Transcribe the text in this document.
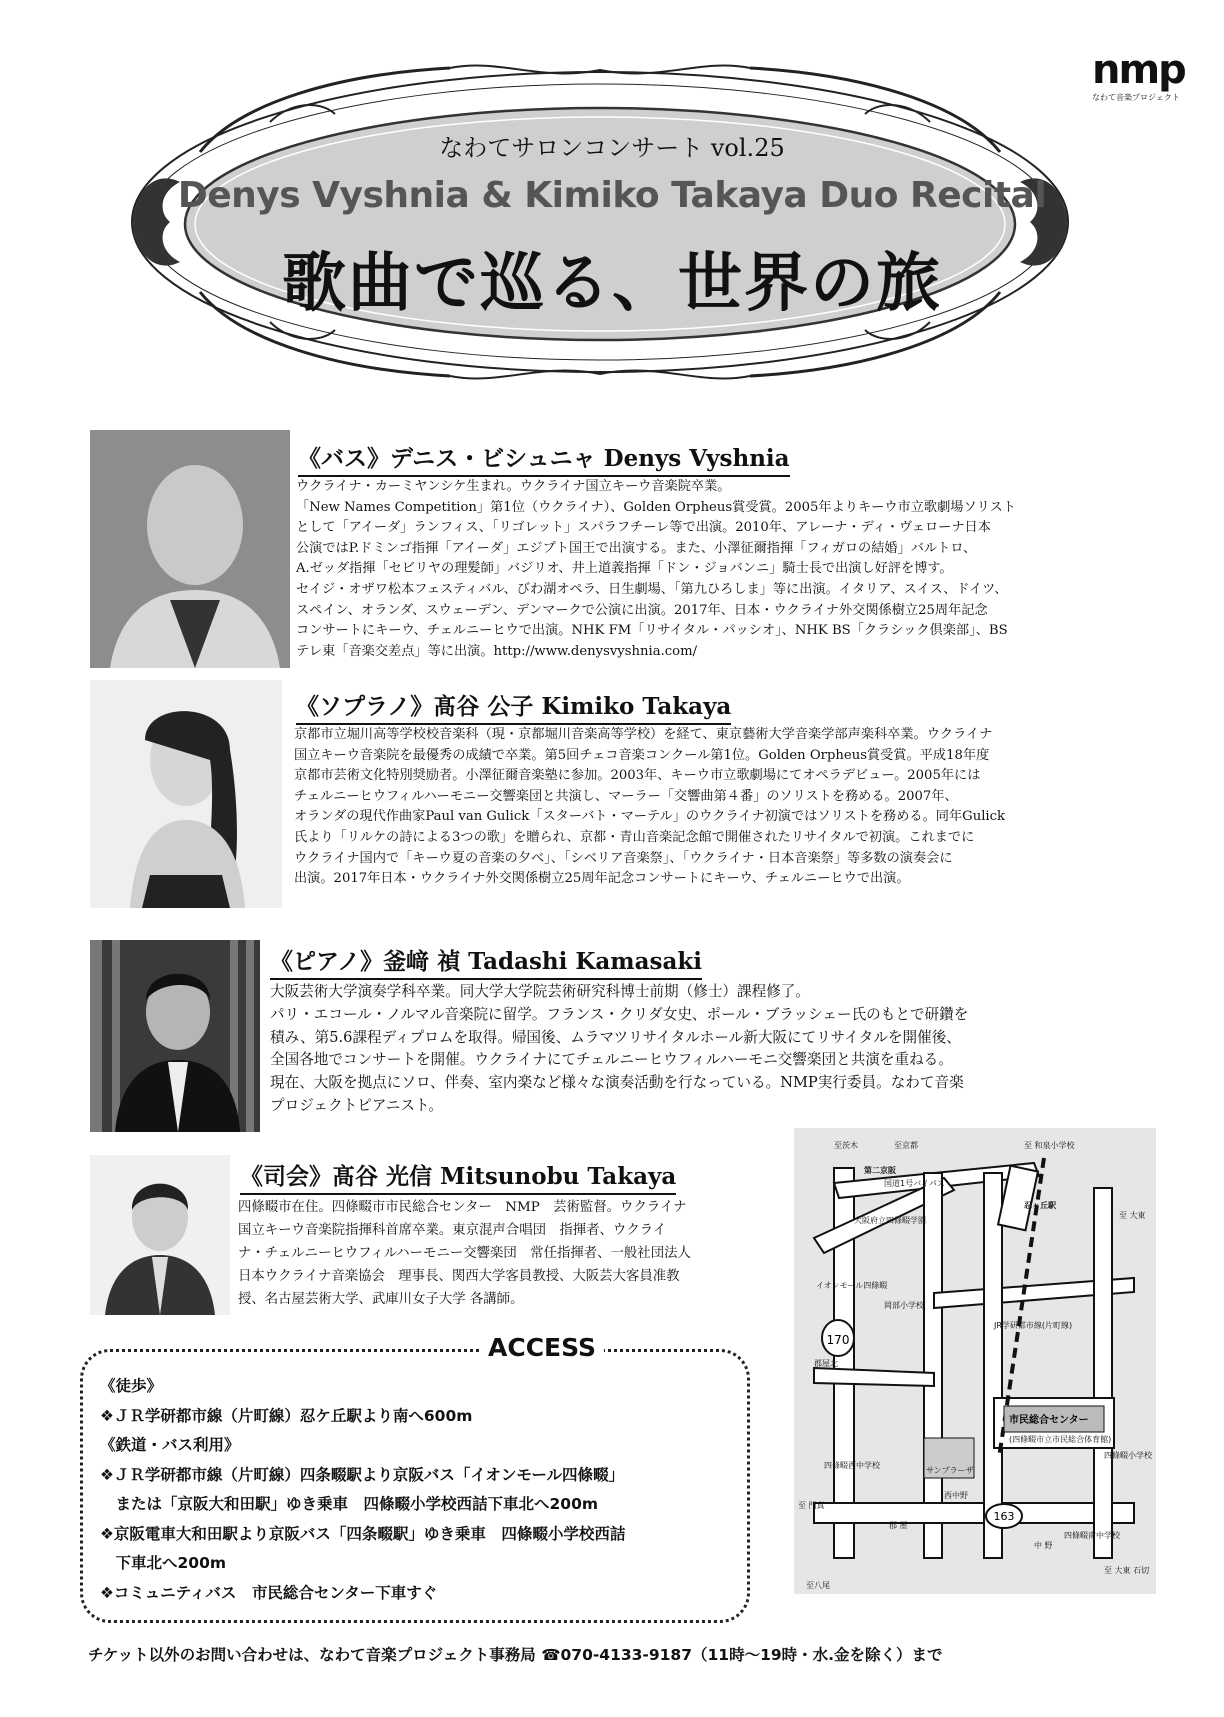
nmp
なわて音楽プロジェクト
なわてサロンコンサート vol.25
Denys Vyshnia & Kimiko Takaya Duo Recital
歌曲で巡る、世界の旅
《バス》デニス・ビシュニャ Denys Vyshnia
ウクライナ・カーミヤンシケ生まれ。ウクライナ国立キーウ音楽院卒業。
「New Names Competition」第1位（ウクライナ）、Golden Orpheus賞受賞。2005年よりキーウ市立歌劇場ソリスト
として「アイーダ」ランフィス、「リゴレット」スパラフチーレ等で出演。2010年、アレーナ・ディ・ヴェローナ日本
公演ではP.ドミンゴ指揮「アイーダ」エジプト国王で出演する。また、小澤征爾指揮「フィガロの結婚」バルトロ、
A.ゼッダ指揮「セビリヤの理髪師」バジリオ、井上道義指揮「ドン・ジョバンニ」騎士長で出演し好評を博す。
セイジ・オザワ松本フェスティバル、びわ湖オペラ、日生劇場、「第九ひろしま」等に出演。イタリア、スイス、ドイツ、
スペイン、オランダ、スウェーデン、デンマークで公演に出演。2017年、日本・ウクライナ外交関係樹立25周年記念
コンサートにキーウ、チェルニーヒウで出演。NHK FM「リサイタル・パッシオ」、NHK BS「クラシック倶楽部」、BS
テレ東「音楽交差点」等に出演。http://www.denysvyshnia.com/
《ソプラノ》髙谷 公子 Kimiko Takaya
京都市立堀川高等学校校音楽科（現・京都堀川音楽高等学校）を経て、東京藝術大学音楽学部声楽科卒業。ウクライナ
国立キーウ音楽院を最優秀の成績で卒業。第5回チェコ音楽コンクール第1位。Golden Orpheus賞受賞。平成18年度
京都市芸術文化特別奨励者。小澤征爾音楽塾に参加。2003年、キーウ市立歌劇場にてオペラデビュー。2005年には
チェルニーヒウフィルハーモニー交響楽団と共演し、マーラー「交響曲第４番」のソリストを務める。2007年、
オランダの現代作曲家Paul van Gulick「スターバト・マーテル」のウクライナ初演ではソリストを務める。同年Gulick
氏より「リルケの詩による3つの歌」を贈られ、京都・青山音楽記念館で開催されたリサイタルで初演。これまでに
ウクライナ国内で「キーウ夏の音楽の夕べ」、「シベリア音楽祭」、「ウクライナ・日本音楽祭」等多数の演奏会に
出演。2017年日本・ウクライナ外交関係樹立25周年記念コンサートにキーウ、チェルニーヒウで出演。
《ピアノ》釜﨑 禎 Tadashi Kamasaki
大阪芸術大学演奏学科卒業。同大学大学院芸術研究科博士前期（修士）課程修了。
パリ・エコール・ノルマル音楽院に留学。フランス・クリダ女史、ポール・ブラッシェー氏のもとで研鑽を
積み、第5.6課程ディプロムを取得。帰国後、ムラマツリサイタルホール新大阪にてリサイタルを開催後、
全国各地でコンサートを開催。ウクライナにてチェルニーヒウフィルハーモニ交響楽団と共演を重ねる。
現在、大阪を拠点にソロ、伴奏、室内楽など様々な演奏活動を行なっている。NMP実行委員。なわて音楽
プロジェクトピアニスト。
《司会》髙谷 光信 Mitsunobu Takaya
四條畷市在住。四條畷市市民総合センター　NMP　芸術監督。ウクライナ
国立キーウ音楽院指揮科首席卒業。東京混声合唱団　指揮者、ウクライ
ナ・チェルニーヒウフィルハーモニー交響楽団　常任指揮者、一般社団法人
日本ウクライナ音楽協会　理事長、関西大学客員教授、大阪芸大客員准教
授、名古屋芸術大学、武庫川女子大学 各講師。
ACCESS
《徒歩》
❖ＪＲ学研都市線（片町線）忍ケ丘駅より南へ600m
《鉄道・バス利用》
❖ＪＲ学研都市線（片町線）四条畷駅より京阪バス「イオンモール四條畷」
　または「京阪大和田駅」ゆき乗車　四條畷小学校西詰下車北へ200m
❖京阪電車大和田駅より京阪バス「四条畷駅」ゆき乗車　四條畷小学校西詰
　下車北へ200m
❖コミュニティバス　市民総合センター下車すぐ
170
163
市民総合センター
至茨木	至京都
第二京阪
国道1号バイパス
至八尾
至 和泉小学校
至 大東
至 門真
西中野
郡 屋
中 野
岡部小学校
大阪府立四條畷学園
忍ヶ丘駅
JR学研都市線(片町線)
イオンモール四條畷
(四條畷市立市民総合体育館)
四條畷西中学校
四條畷小学校
四條畷南中学校
至 大東 石切
郡屋北
サンプラーザ
チケット以外のお問い合わせは、なわて音楽プロジェクト事務局 ☎070-4133-9187（11時〜19時・水.金を除く）まで
